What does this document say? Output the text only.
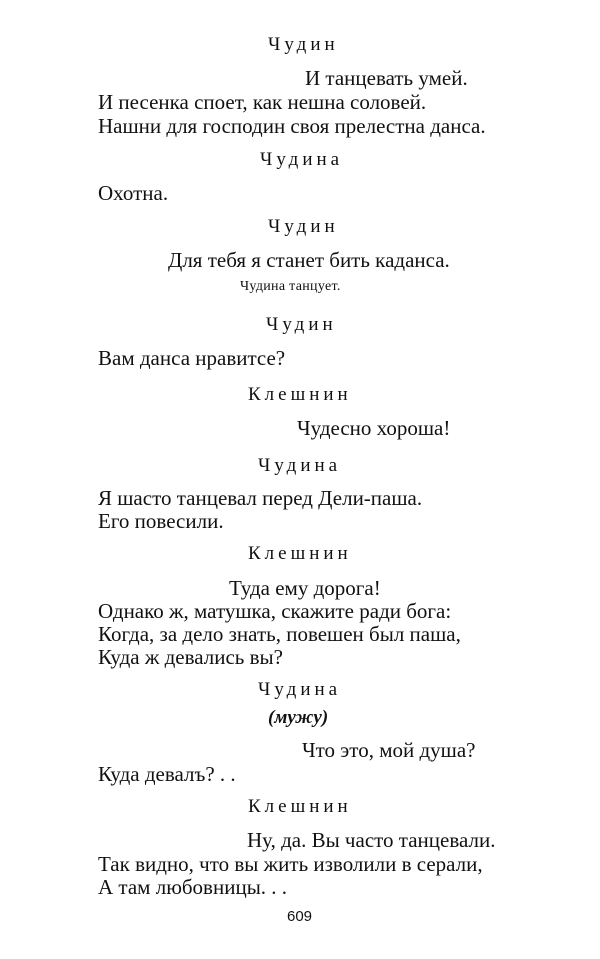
Чудин
И танцевать умей.
И песенка споет, как нешна соловей.
Нашни для господин своя прелестна данса.
Чудина
Охотна.
Чудин
Для тебя я станет бить каданса.
Чудина танцует.
Чудин
Вам данса нравитсе?
Клешнин
Чудесно хороша!
Чудина
Я шасто танцевал перед Дели-паша.
Его повесили.
Клешнин
Туда ему дорога!
Однако ж, матушка, скажите ради бога:
Когда, за дело знать, повешен был паша,
Куда ж девались вы?
Чудина
(мужу)
Что это, мой душа?
Куда девалъ? . .
Клешнин
Ну, да. Вы часто танцевали.
Так видно, что вы жить изволили в серали,
А там любовницы. . .
609
